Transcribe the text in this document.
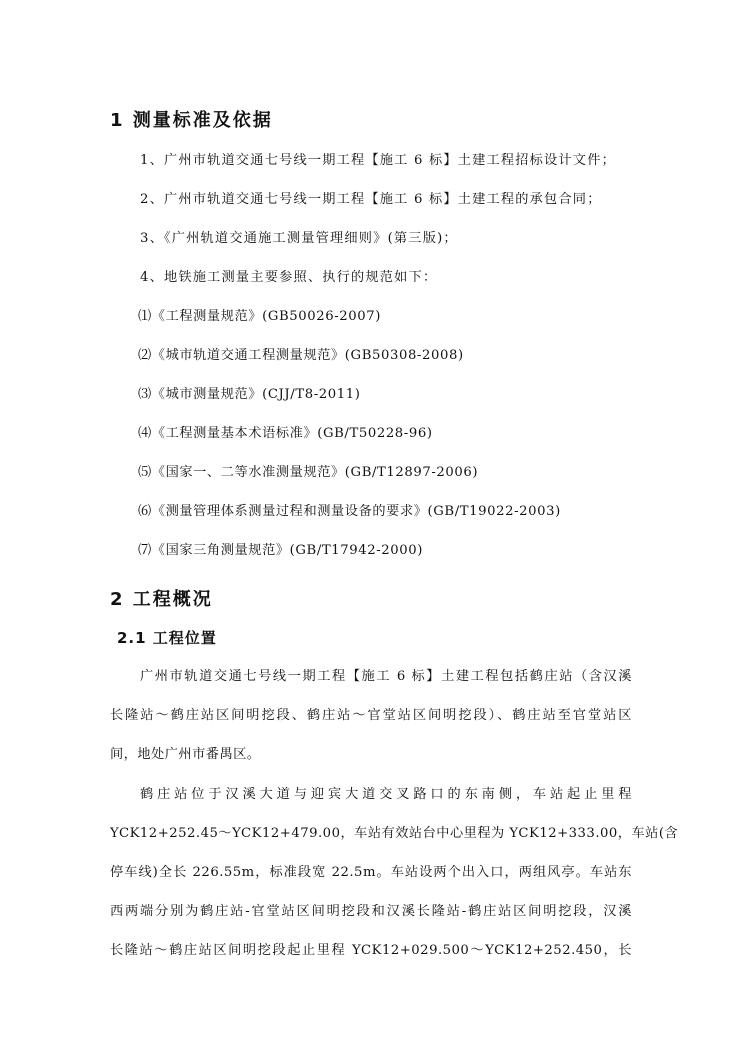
1 测量标准及依据
1、广州市轨道交通七号线一期工程【施工 6 标】土建工程招标设计文件；
2、广州市轨道交通七号线一期工程【施工 6 标】土建工程的承包合同；
3、《广州轨道交通施工测量管理细则》(第三版)；
4、地铁施工测量主要参照、执行的规范如下：
⑴《工程测量规范》(GB50026-2007)
⑵《城市轨道交通工程测量规范》(GB50308-2008)
⑶《城市测量规范》(CJJ/T8-2011)
⑷《工程测量基本术语标准》(GB/T50228-96)
⑸《国家一、二等水准测量规范》(GB/T12897-2006)
⑹《测量管理体系测量过程和测量设备的要求》(GB/T19022-2003)
⑺《国家三角测量规范》(GB/T17942-2000)
2 工程概况
2.1 工程位置
广州市轨道交通七号线一期工程【施工 6 标】土建工程包括鹤庄站（含汉溪
长隆站～鹤庄站区间明挖段、鹤庄站～官堂站区间明挖段）、鹤庄站至官堂站区
间，地处广州市番禺区。
鹤庄站位于汉溪大道与迎宾大道交叉路口的东南侧，车站起止里程
YCK12+252.45～YCK12+479.00，车站有效站台中心里程为 YCK12+333.00，车站(含
停车线)全长 226.55m，标准段宽 22.5m。车站设两个出入口，两组风亭。车站东
西两端分别为鹤庄站-官堂站区间明挖段和汉溪长隆站-鹤庄站区间明挖段，汉溪
长隆站～鹤庄站区间明挖段起止里程 YCK12+029.500～YCK12+252.450，长
